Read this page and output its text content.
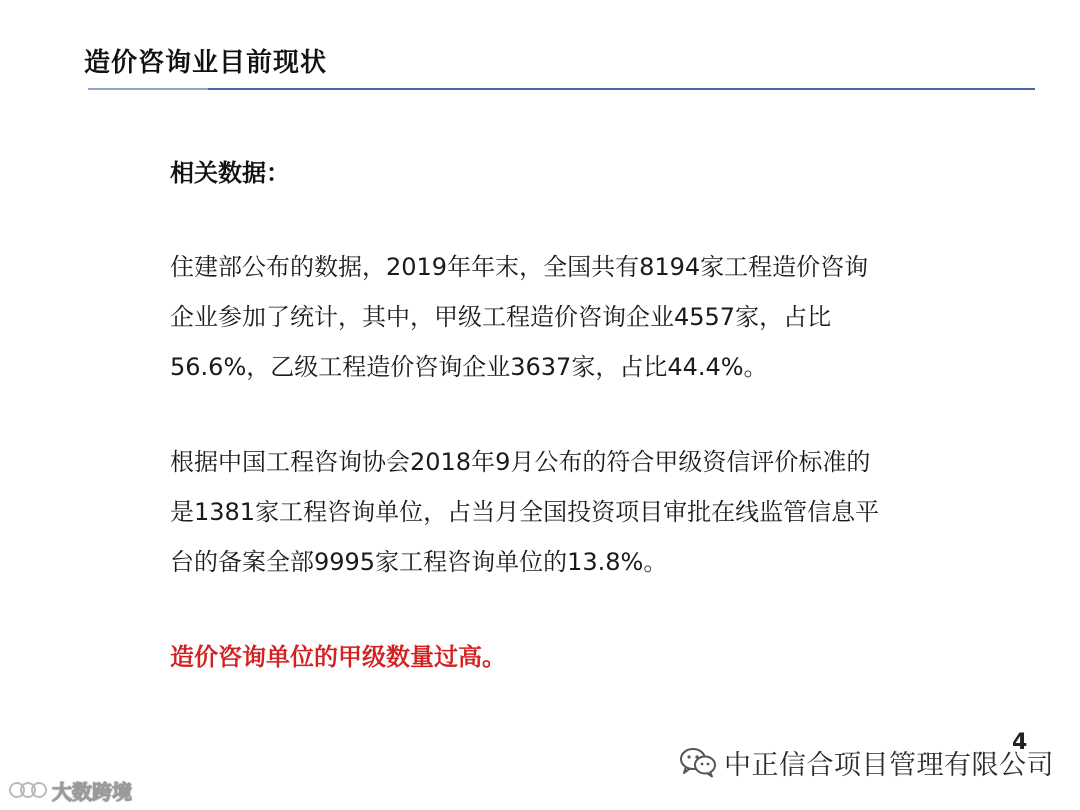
造价咨询业目前现状
相关数据：
住建部公布的数据，2019年年末，全国共有8194家工程造价咨询
企业参加了统计，其中，甲级工程造价咨询企业4557家，占比
56.6%，乙级工程造价咨询企业3637家，占比44.4%。
根据中国工程咨询协会2018年9月公布的符合甲级资信评价标准的
是1381家工程咨询单位，占当月全国投资项目审批在线监管信息平
台的备案全部9995家工程咨询单位的13.8%。
造价咨询单位的甲级数量过高。
4
中正信合项目管理有限公司
大数跨境
